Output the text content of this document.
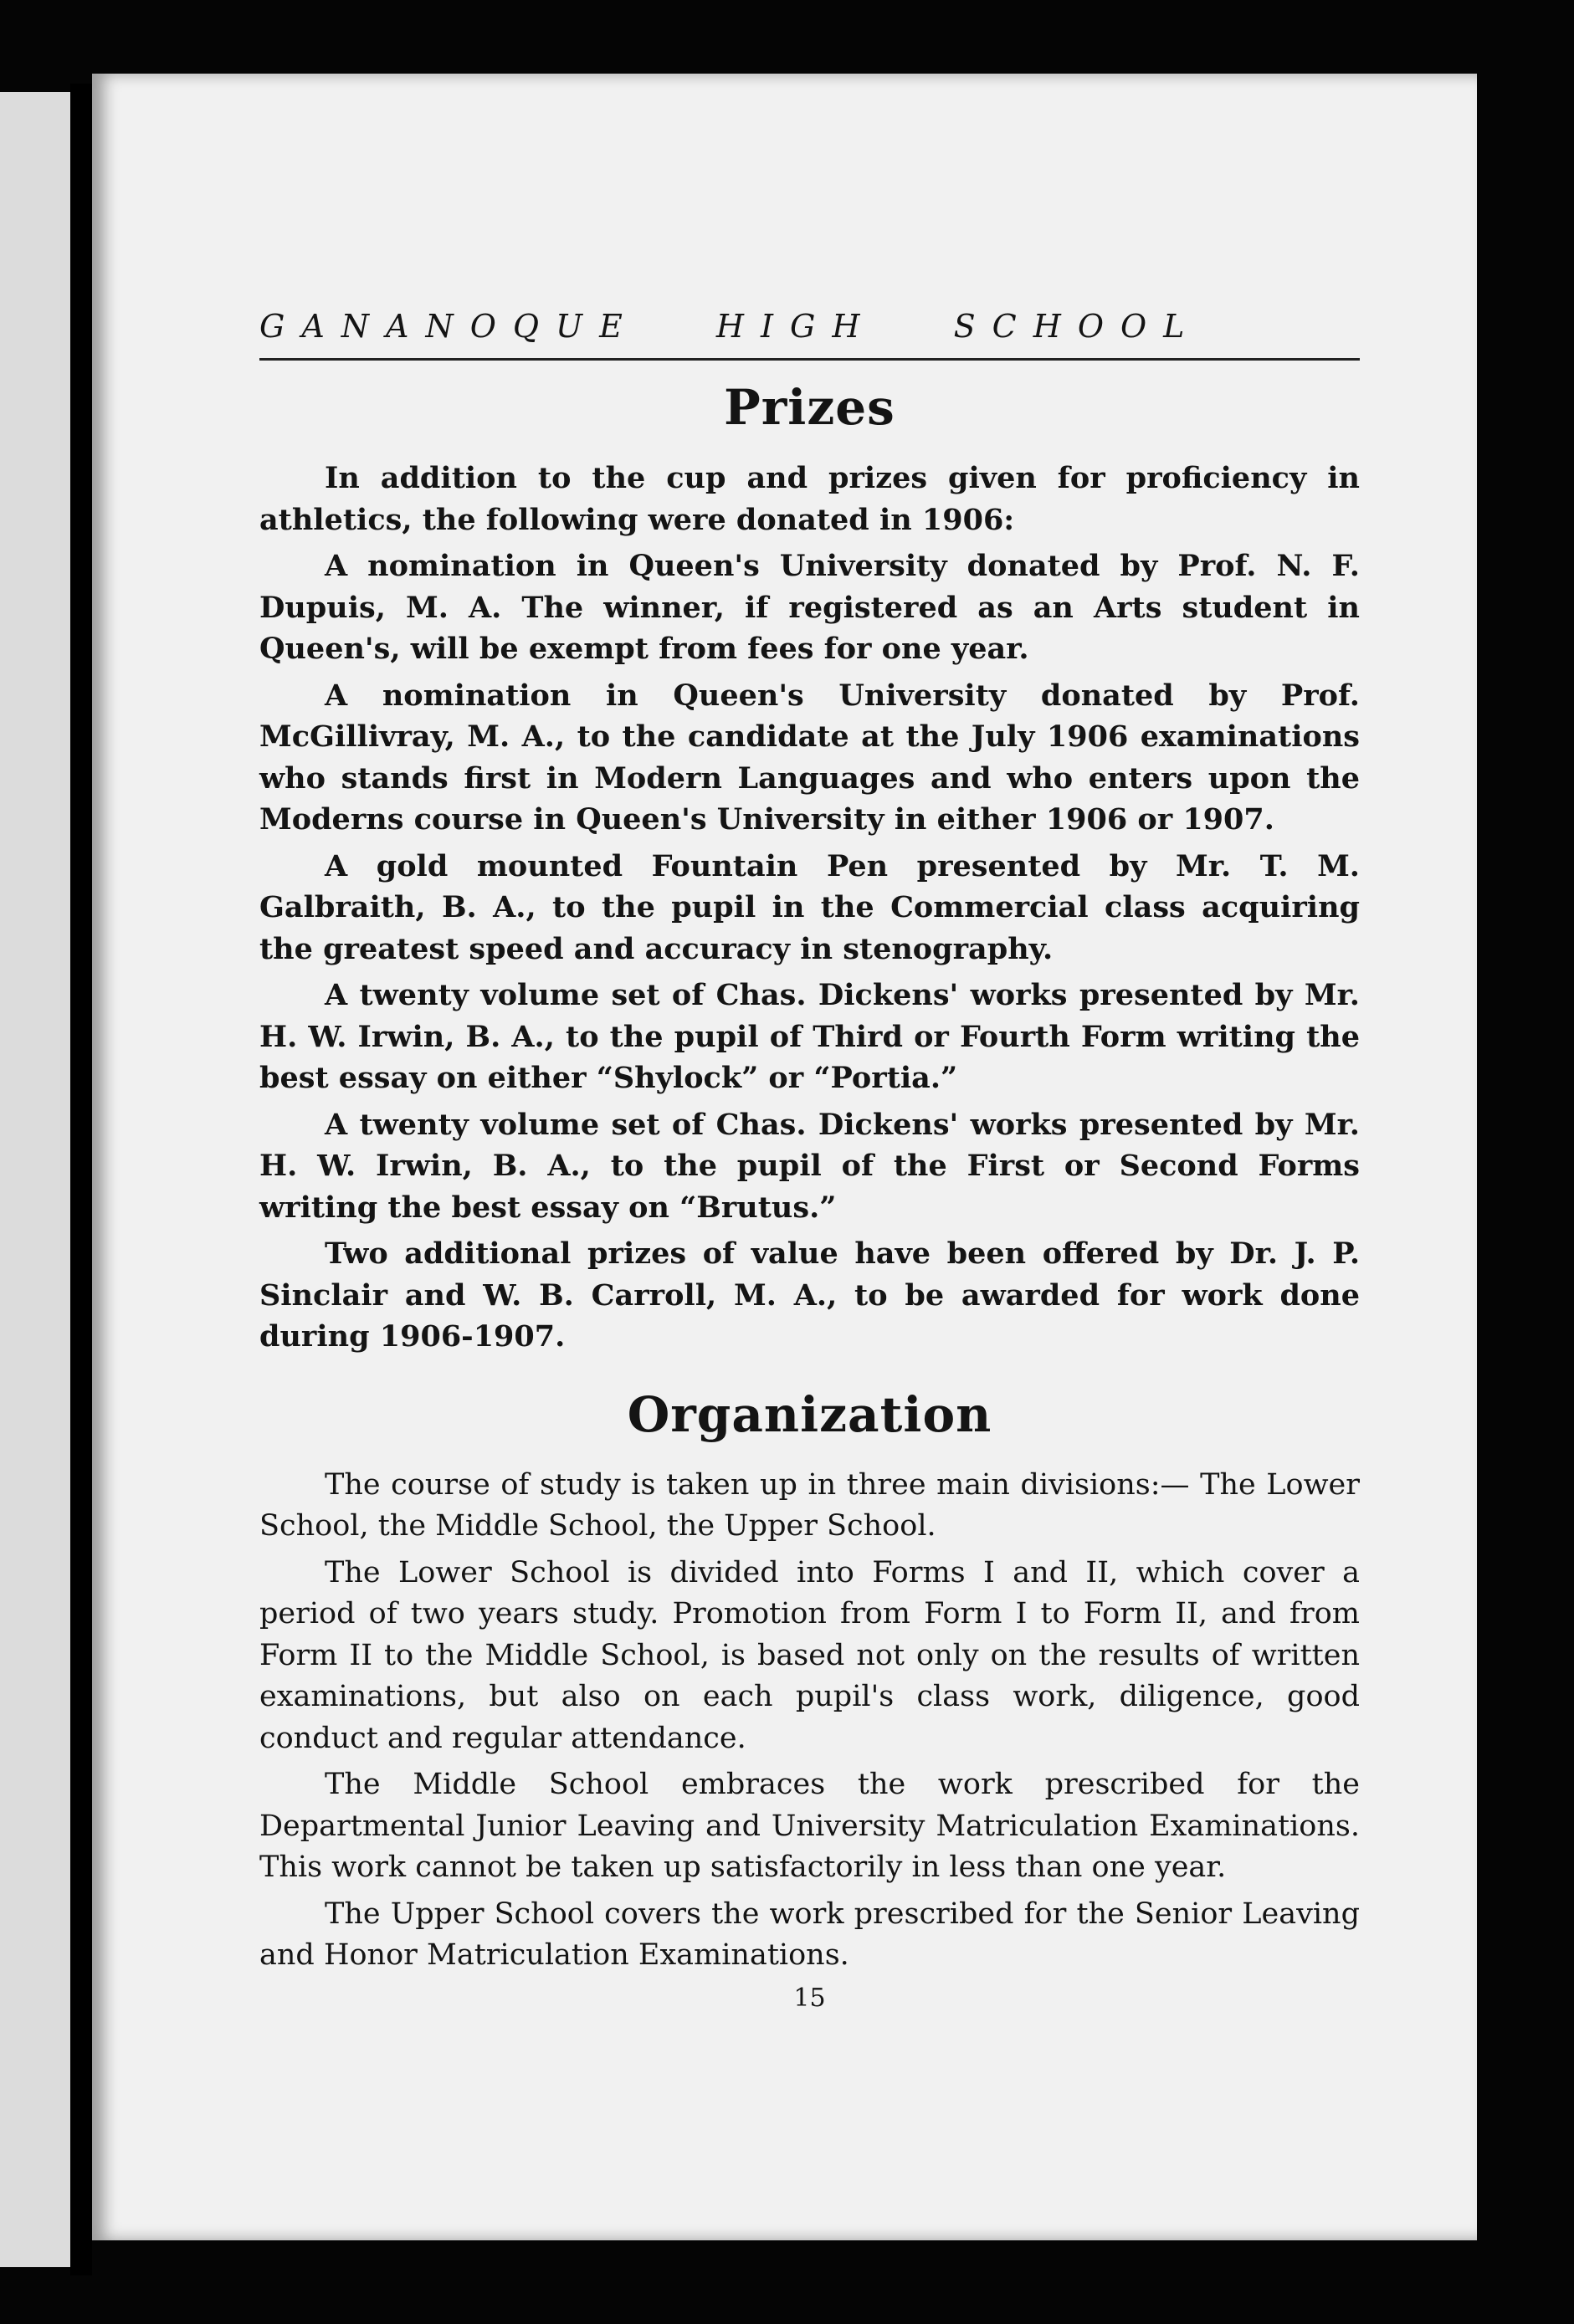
GANANOQUE HIGH SCHOOL
Prizes

In addition to the cup and prizes given for proficiency in athletics, the following were donated in 1906:

A nomination in Queen's University donated by Prof. N. F. Dupuis, M. A. The winner, if registered as an Arts student in Queen's, will be exempt from fees for one year.

A nomination in Queen's University donated by Prof. McGillivray, M. A., to the candidate at the July 1906 examinations who stands first in Modern Languages and who enters upon the Moderns course in Queen's University in either 1906 or 1907.

A gold mounted Fountain Pen presented by Mr. T. M. Galbraith, B. A., to the pupil in the Commercial class acquiring the greatest speed and accuracy in stenography.

A twenty volume set of Chas. Dickens' works presented by Mr. H. W. Irwin, B. A., to the pupil of Third or Fourth Form writing the best essay on either “Shylock” or “Portia.”

A twenty volume set of Chas. Dickens' works presented by Mr. H. W. Irwin, B. A., to the pupil of the First or Second Forms writing the best essay on “Brutus.”

Two additional prizes of value have been offered by Dr. J. P. Sinclair and W. B. Carroll, M. A., to be awarded for work done during 1906-1907.

Organization

The course of study is taken up in three main divisions:— The Lower School, the Middle School, the Upper School.

The Lower School is divided into Forms I and II, which cover a period of two years study. Promotion from Form I to Form II, and from Form II to the Middle School, is based not only on the results of written examinations, but also on each pupil's class work, diligence, good conduct and regular attendance.

The Middle School embraces the work prescribed for the Departmental Junior Leaving and University Matriculation Examinations. This work cannot be taken up satisfactorily in less than one year.

The Upper School covers the work prescribed for the Senior Leaving and Honor Matriculation Examinations.

15
